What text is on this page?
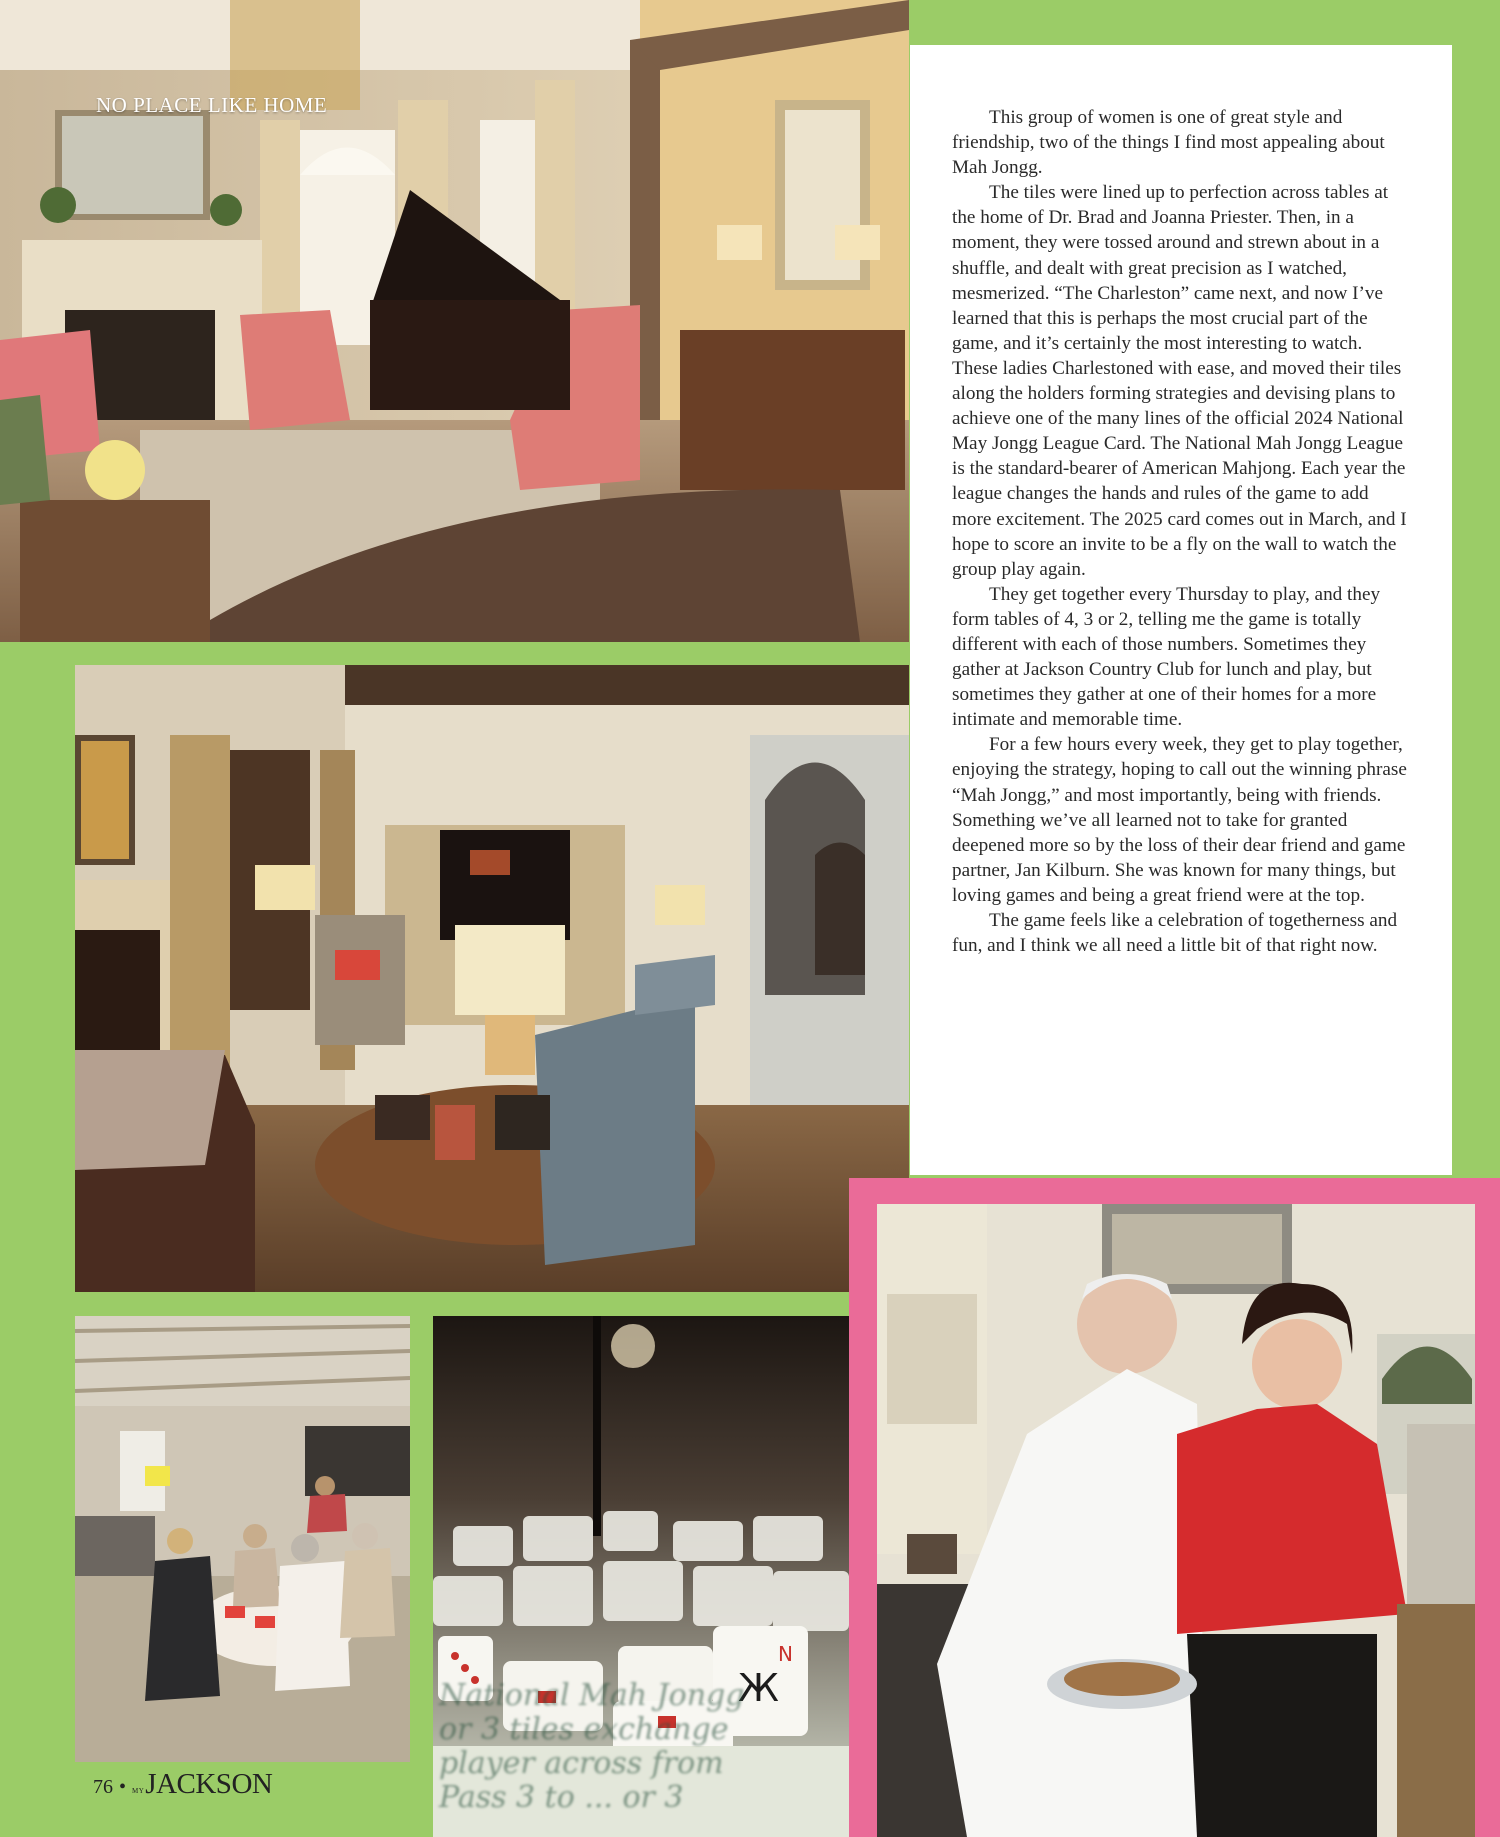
NO PLACE LIKE HOME

This group of women is one of great style and friendship, two of the things I find most appealing about Mah Jongg.

The tiles were lined up to perfection across tables at the home of Dr. Brad and Joanna Priester. Then, in a moment, they were tossed around and strewn about in a shuffle, and dealt with great precision as I watched, mesmerized. “The Charleston” came next, and now I’ve learned that this is perhaps the most crucial part of the game, and it’s certainly the most interesting to watch. These ladies Charlestoned with ease, and moved their tiles along the holders forming strategies and devising plans to achieve one of the many lines of the official 2024 National May Jongg League Card. The National Mah Jongg League is the standard-bearer of American Mahjong. Each year the league changes the hands and rules of the game to add more excitement. The 2025 card comes out in March, and I hope to score an invite to be a fly on the wall to watch the group play again.

They get together every Thursday to play, and they form tables of 4, 3 or 2, telling me the game is totally different with each of those numbers. Sometimes they gather at Jackson Country Club for lunch and play, but sometimes they gather at one of their homes for a more intimate and memorable time.

For a few hours every week, they get to play together, enjoying the strategy, hoping to call out the winning phrase “Mah Jongg,” and most importantly, being with friends. Something we’ve all learned not to take for granted deepened more so by the loss of their dear friend and game partner, Jan Kilburn. She was known for many things, but loving games and being a great friend were at the top.

The game feels like a celebration of togetherness and fun, and I think we all need a little bit of that right now.

Ж
N
National Mah Jongg
or 3 tiles exchange
player across from
Pass 3 to ... or 3
76 • MY JACKSON
